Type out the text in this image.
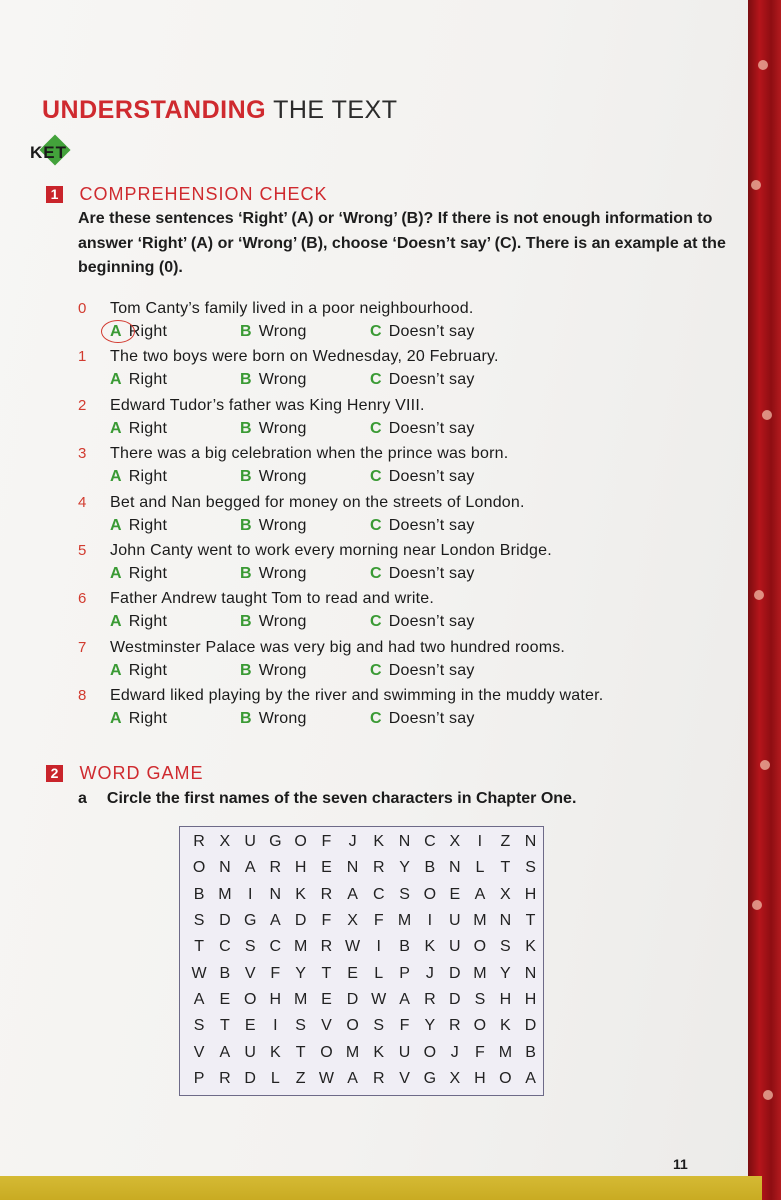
UNDERSTANDING THE TEXT
KET
1 COMPREHENSION CHECK
Are these sentences ‘Right’ (A) or ‘Wrong’ (B)? If there is not enough information to answer ‘Right’ (A) or ‘Wrong’ (B), choose ‘Doesn’t say’ (C). There is an example at the beginning (0).
0	Tom Canty’s family lived in a poor neighbourhood.
A Right	B Wrong	C Doesn’t say
1	The two boys were born on Wednesday, 20 February.
A Right	B Wrong	C Doesn’t say
2	Edward Tudor’s father was King Henry VIII.
A Right	B Wrong	C Doesn’t say
3	There was a big celebration when the prince was born.
A Right	B Wrong	C Doesn’t say
4	Bet and Nan begged for money on the streets of London.
A Right	B Wrong	C Doesn’t say
5	John Canty went to work every morning near London Bridge.
A Right	B Wrong	C Doesn’t say
6	Father Andrew taught Tom to read and write.
A Right	B Wrong	C Doesn’t say
7	Westminster Palace was very big and had two hundred rooms.
A Right	B Wrong	C Doesn’t say
8	Edward liked playing by the river and swimming in the muddy water.
A Right	B Wrong	C Doesn’t say
2 WORD GAME
a Circle the first names of the seven characters in Chapter One.
R	X	U	G	O	F	J	K	N	C	X	I	Z	N
O	N	A	R	H	E	N	R	Y	B	N	L	T	S
B	M	I	N	K	R	A	C	S	O	E	A	X	H
S	D	G	A	D	F	X	F	M	I	U	M	N	T
T	C	S	C	M	R	W	I	B	K	U	O	S	K
W	B	V	F	Y	T	E	L	P	J	D	M	Y	N
A	E	O	H	M	E	D	W	A	R	D	S	H	H
S	T	E	I	S	V	O	S	F	Y	R	O	K	D
V	A	U	K	T	O	M	K	U	O	J	F	M	B
P	R	D	L	Z	W	A	R	V	G	X	H	O	A
11
